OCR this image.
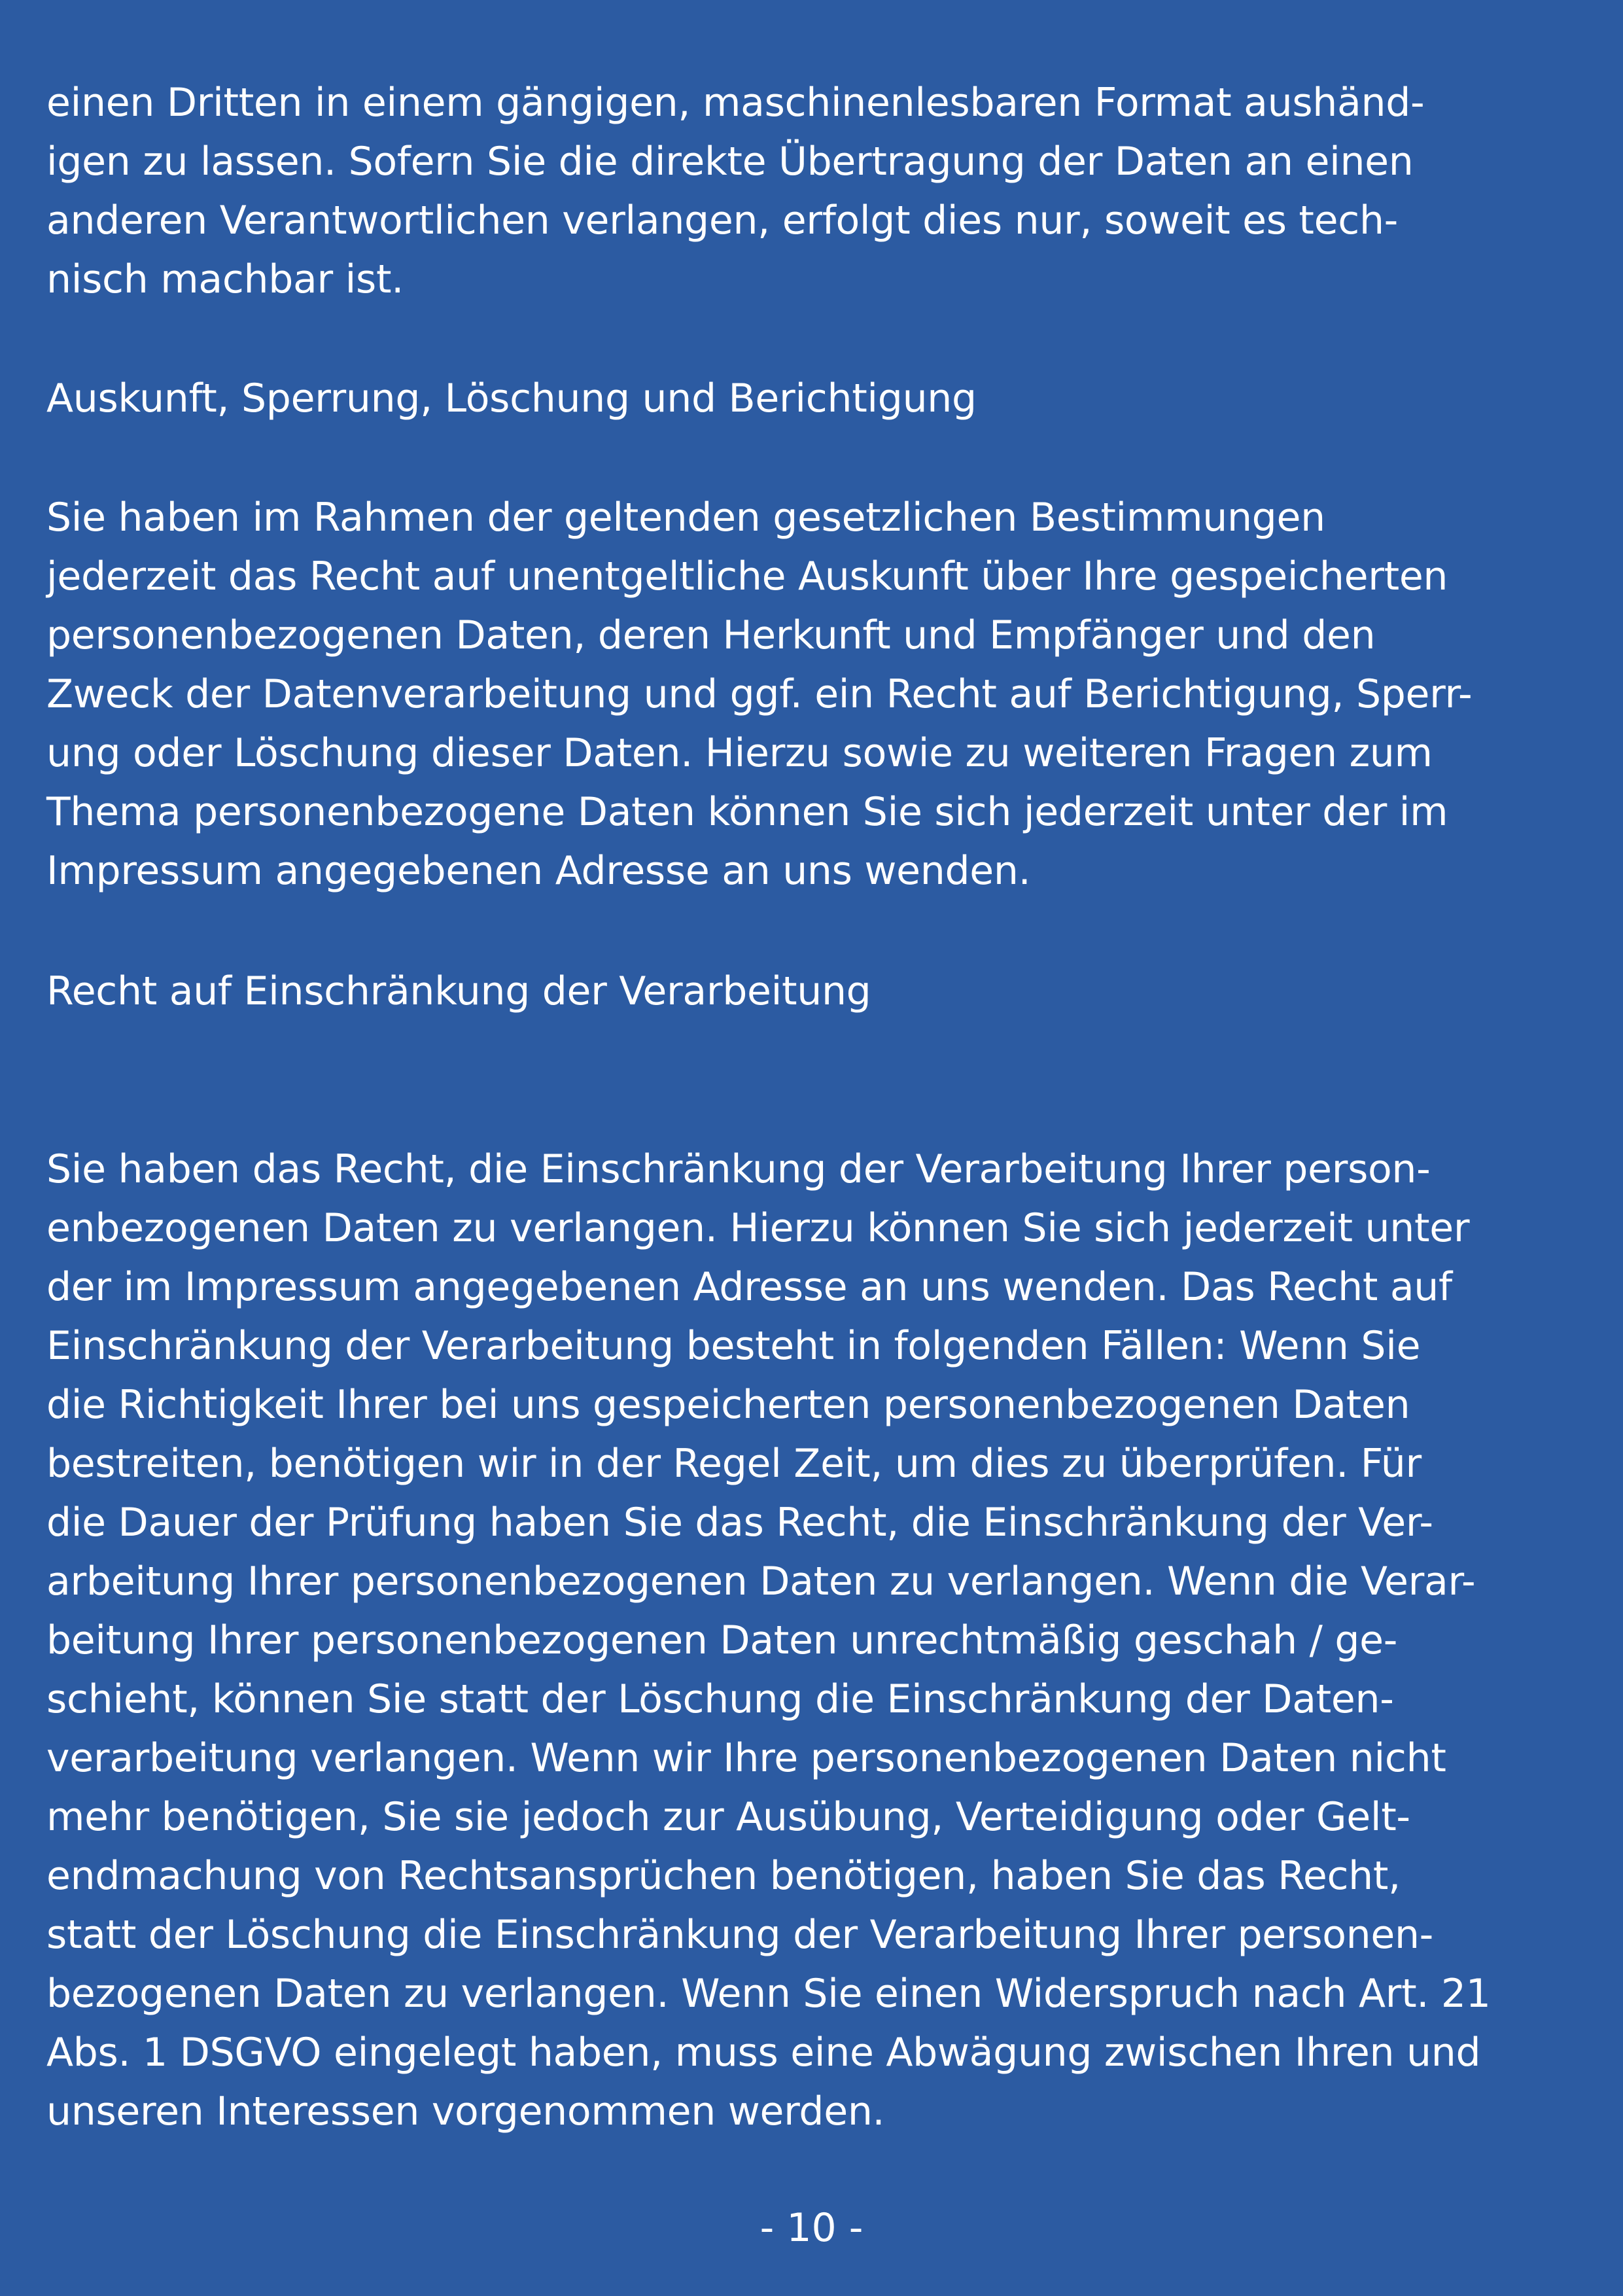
einen Dritten in einem gängigen, maschinenlesbaren Format aushänd-
igen zu lassen. Sofern Sie die direkte Übertragung der Daten an einen
anderen Verantwortlichen verlangen, erfolgt dies nur, soweit es tech-
nisch machbar ist.
Auskunft, Sperrung, Löschung und Berichtigung
Sie haben im Rahmen der geltenden gesetzlichen Bestimmungen
jederzeit das Recht auf unentgeltliche Auskunft über Ihre gespeicherten
personenbezogenen Daten, deren Herkunft und Empfänger und den
Zweck der Datenverarbeitung und ggf. ein Recht auf Berichtigung, Sperr-
ung oder Löschung dieser Daten. Hierzu sowie zu weiteren Fragen zum
Thema personenbezogene Daten können Sie sich jederzeit unter der im
Impressum angegebenen Adresse an uns wenden.
Recht auf Einschränkung der Verarbeitung
Sie haben das Recht, die Einschränkung der Verarbeitung Ihrer person-
enbezogenen Daten zu verlangen. Hierzu können Sie sich jederzeit unter
der im Impressum angegebenen Adresse an uns wenden. Das Recht auf
Einschränkung der Verarbeitung besteht in folgenden Fällen: Wenn Sie
die Richtigkeit Ihrer bei uns gespeicherten personenbezogenen Daten
bestreiten, benötigen wir in der Regel Zeit, um dies zu überprüfen. Für
die Dauer der Prüfung haben Sie das Recht, die Einschränkung der Ver-
arbeitung Ihrer personenbezogenen Daten zu verlangen. Wenn die Verar-
beitung Ihrer personenbezogenen Daten unrechtmäßig geschah / ge-
schieht, können Sie statt der Löschung die Einschränkung der Daten-
verarbeitung verlangen. Wenn wir Ihre personenbezogenen Daten nicht
mehr benötigen, Sie sie jedoch zur Ausübung, Verteidigung oder Gelt-
endmachung von Rechtsansprüchen benötigen, haben Sie das Recht,
statt der Löschung die Einschränkung der Verarbeitung Ihrer personen-
bezogenen Daten zu verlangen. Wenn Sie einen Widerspruch nach Art. 21
Abs. 1 DSGVO eingelegt haben, muss eine Abwägung zwischen Ihren und
unseren Interessen vorgenommen werden.
- 10 -
